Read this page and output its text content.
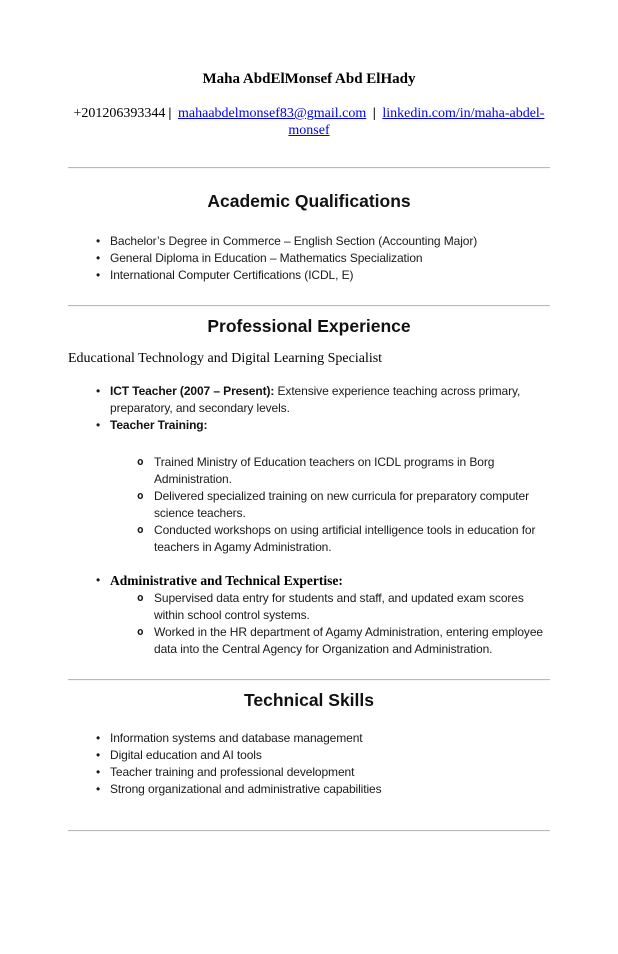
Maha AbdElMonsef Abd ElHady
+201206393344 | mahaabdelmonsef83@gmail.com | linkedin.com/in/maha-abdel-monsef
Academic Qualifications
• Bachelor’s Degree in Commerce – English Section (Accounting Major)
• General Diploma in Education – Mathematics Specialization
• International Computer Certifications (ICDL, E)
Professional Experience
Educational Technology and Digital Learning Specialist
• ICT Teacher (2007 – Present): Extensive experience teaching across primary, preparatory, and secondary levels.
• Teacher Training:
o Trained Ministry of Education teachers on ICDL programs in Borg Administration.
o Delivered specialized training on new curricula for preparatory computer science teachers.
o Conducted workshops on using artificial intelligence tools in education for teachers in Agamy Administration.
• Administrative and Technical Expertise:
o Supervised data entry for students and staff, and updated exam scores within school control systems.
o Worked in the HR department of Agamy Administration, entering employee data into the Central Agency for Organization and Administration.
Technical Skills
• Information systems and database management
• Digital education and AI tools
• Teacher training and professional development
• Strong organizational and administrative capabilities
